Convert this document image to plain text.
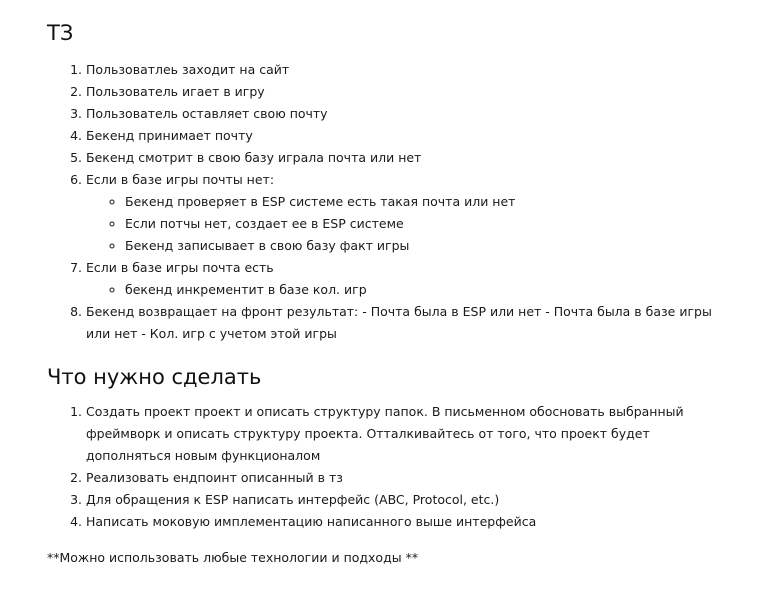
ТЗ
1. Пользоватлеь заходит на сайт
2. Пользователь игает в игру
3. Пользователь оставляет свою почту
4. Бекенд принимает почту
5. Бекенд смотрит в свою базу играла почта или нет
6. Если в базе игры почты нет:
◦ Бекенд проверяет в ESP системе есть такая почта или нет
◦ Если потчы нет, создает ее в ESP системе
◦ Бекенд записывает в свою базу факт игры
7. Если в базе игры почта есть
◦ бекенд инкрементит в базе кол. игр
8. Бекенд возвращает на фронт результат: - Почта была в ESP или нет - Почта была в базе игры или нет - Кол. игр с учетом этой игры
Что нужно сделать
1. Создать проект проект и описать структуру папок. В письменном обосновать выбранный фреймворк и описать структуру проекта. Отталкивайтесь от того, что проект будет дополняться новым функционалом
2. Реализовать ендпоинт описанный в тз
3. Для обращения к ESP написать интерфейс (ABC, Protocol, etc.)
4. Написать моковую имплементацию написанного выше интерфейса

**Можно использовать любые технологии и подходы **
